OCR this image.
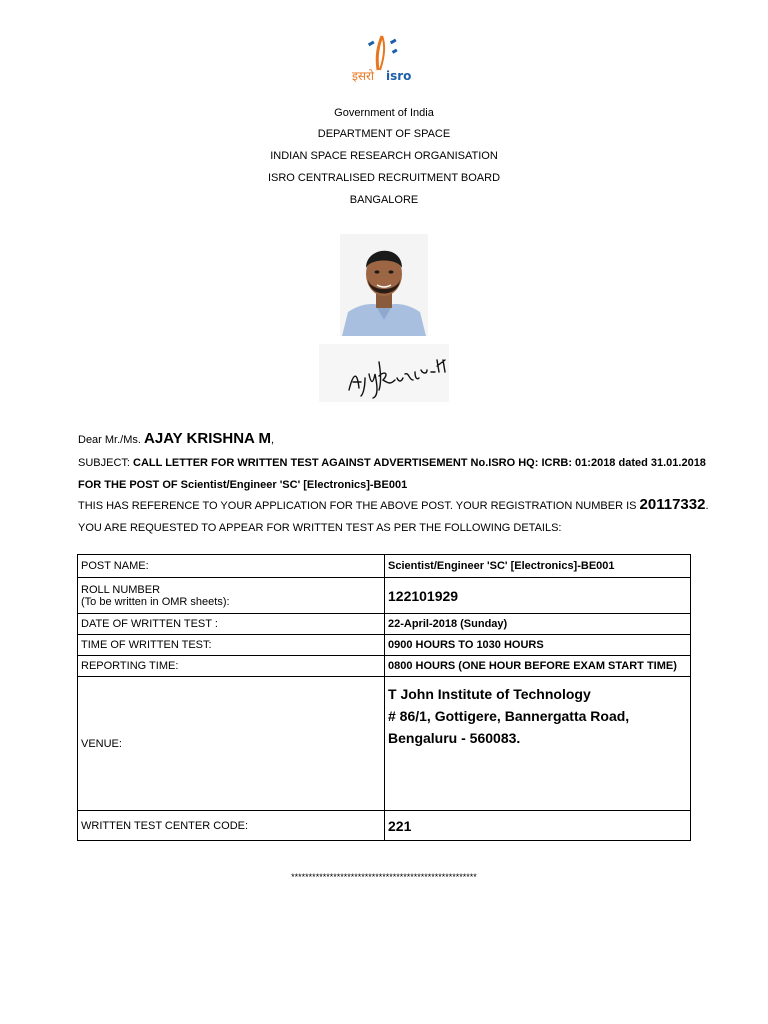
इसरो isro
Government of India
DEPARTMENT OF SPACE
INDIAN SPACE RESEARCH ORGANISATION
ISRO CENTRALISED RECRUITMENT BOARD
BANGALORE
Dear Mr./Ms. AJAY KRISHNA M,
SUBJECT: CALL LETTER FOR WRITTEN TEST AGAINST ADVERTISEMENT No.ISRO HQ: ICRB: 01:2018 dated 31.01.2018
FOR THE POST OF Scientist/Engineer 'SC' [Electronics]-BE001
THIS HAS REFERENCE TO YOUR APPLICATION FOR THE ABOVE POST. YOUR REGISTRATION NUMBER IS 20117332.
YOU ARE REQUESTED TO APPEAR FOR WRITTEN TEST AS PER THE FOLLOWING DETAILS:
POST NAME:	Scientist/Engineer 'SC' [Electronics]-BE001

ROLL NUMBER
(To be written in OMR sheets):	122101929
DATE OF WRITTEN TEST :	22-April-2018 (Sunday)
TIME OF WRITTEN TEST:	0900 HOURS TO 1030 HOURS
REPORTING TIME:	0800 HOURS (ONE HOUR BEFORE EXAM START TIME)
VENUE:	T John Institute of Technology
# 86/1, Gottigere, Bannergatta Road,
Bengaluru - 560083.

WRITTEN TEST CENTER CODE:	221
*****************************************************
